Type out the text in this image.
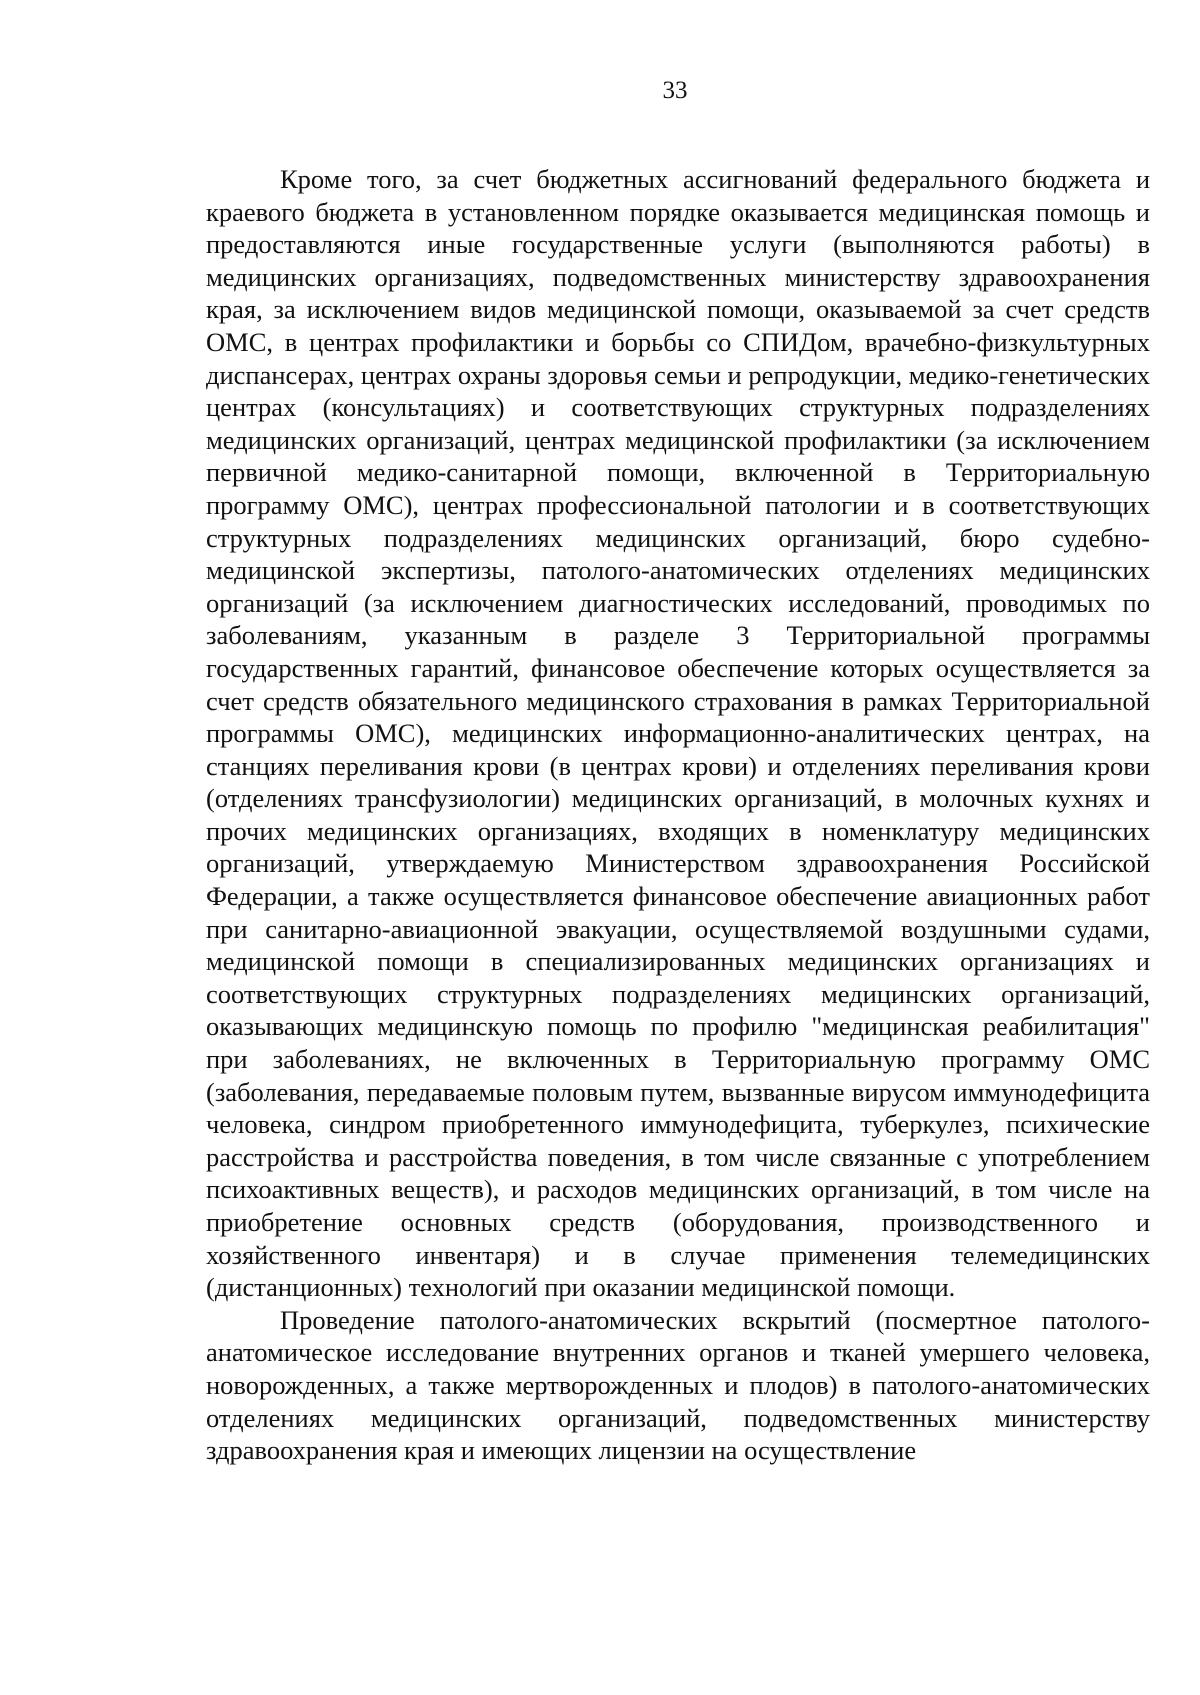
33

Кроме того, за счет бюджетных ассигнований федерального бюджета и краевого бюджета в установленном порядке оказывается медицинская помощь и предоставляются иные государственные услуги (выполняются работы) в медицинских организациях, подведомственных министерству здравоохранения края, за исключением видов медицинской помощи, оказываемой за счет средств ОМС, в центрах профилактики и борьбы со СПИДом, врачебно-физкультурных диспансерах, центрах охраны здоровья семьи и репродукции, медико-генетических центрах (консультациях) и соответствующих структурных подразделениях медицинских организаций, центрах медицинской профилактики (за исключением первичной медико-санитарной помощи, включенной в Территориальную программу ОМС), центрах профессиональной патологии и в соответствующих структурных подразделениях медицинских организаций, бюро судебно-медицинской экспертизы, патолого-анатомических отделениях медицинских организаций (за исключением диагностических исследований, проводимых по заболеваниям, указанным в разделе 3 Территориальной программы государственных гарантий, финансовое обеспечение которых осуществляется за счет средств обязательного медицинского страхования в рамках Территориальной программы ОМС), медицинских информационно-аналитических центрах, на станциях переливания крови (в центрах крови) и отделениях переливания крови (отделениях трансфузиологии) медицинских организаций, в молочных кухнях и прочих медицинских организациях, входящих в номенклатуру медицинских организаций, утверждаемую Министерством здравоохранения Российской Федерации, а также осуществляется финансовое обеспечение авиационных работ при санитарно-авиационной эвакуации, осуществляемой воздушными судами, медицинской помощи в специализированных медицинских организациях и соответствующих структурных подразделениях медицинских организаций, оказывающих медицинскую помощь по профилю "медицинская реабилитация" при заболеваниях, не включенных в Территориальную программу ОМС (заболевания, передаваемые половым путем, вызванные вирусом иммунодефицита человека, синдром приобретенного иммунодефицита, туберкулез, психические расстройства и расстройства поведения, в том числе связанные с употреблением психоактивных веществ), и расходов медицинских организаций, в том числе на приобретение основных средств (оборудования, производственного и хозяйственного инвентаря) и в случае применения телемедицинских (дистанционных) технологий при оказании медицинской помощи.

Проведение патолого-анатомических вскрытий (посмертное патолого-анатомическое исследование внутренних органов и тканей умершего человека, новорожденных, а также мертворожденных и плодов) в патолого-анатомических отделениях медицинских организаций, подведомственных министерству здравоохранения края и имеющих лицензии на осуществление
